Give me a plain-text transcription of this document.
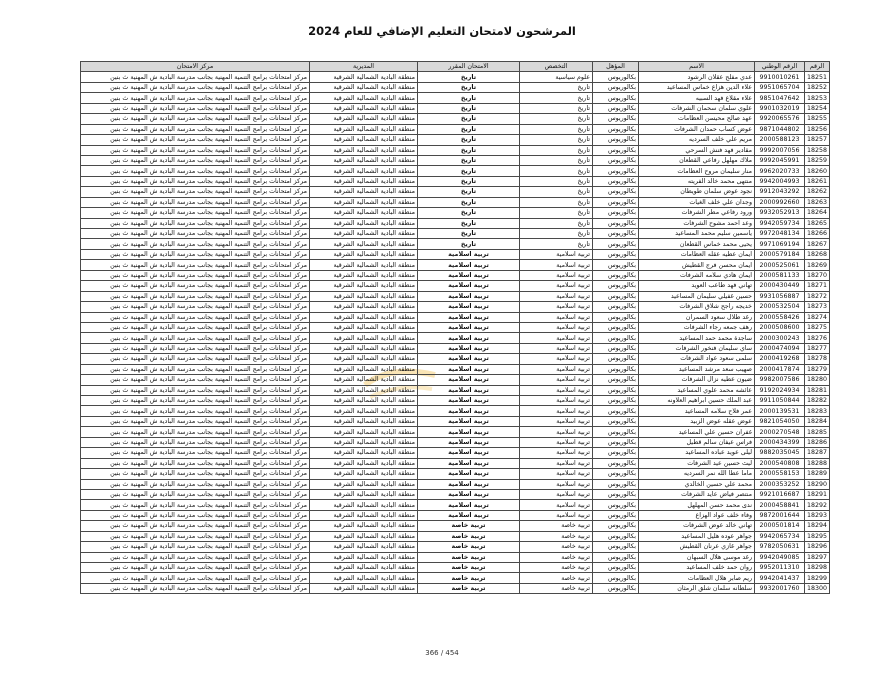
المرشحون لامتحان التعليم الإضافي للعام 2024
الرقم	الرقم الوطني	الاسم	المؤهل	التخصص	الامتحان المقرر	المديرية	مركز الامتحان
18251	9910010261	عدي مفلح عقلان الرشود	بكالوريوس	علوم سياسية	تاريخ	منطقة البادية الشمالية الشرقية	مركز امتحانات برامج التنمية المهنية بجانب مدرسة البادية ش المهنية ث بنين
18252	9951065704	علاء الدين هزاع خماس المساعيد	بكالوريوس	تاريخ	تاريخ	منطقة البادية الشمالية الشرقية	مركز امتحانات برامج التنمية المهنية بجانب مدرسة البادية ش المهنية ث بنين
18253	9851047642	علاء مقلاع فهد السبيه	بكالوريوس	تاريخ	تاريخ	منطقة البادية الشمالية الشرقية	مركز امتحانات برامج التنمية المهنية بجانب مدرسة البادية ش المهنية ث بنين
18254	9901032019	علوي سلمان سحمان الشرفات	بكالوريوس	تاريخ	تاريخ	منطقة البادية الشمالية الشرقية	مركز امتحانات برامج التنمية المهنية بجانب مدرسة البادية ش المهنية ث بنين
18255	9920065576	عهد صالح محيسن العظامات	بكالوريوس	تاريخ	تاريخ	منطقة البادية الشمالية الشرقية	مركز امتحانات برامج التنمية المهنية بجانب مدرسة البادية ش المهنية ث بنين
18256	9871044802	عوض كساب حمدان الشرفات	بكالوريوس	تاريخ	تاريخ	منطقة البادية الشمالية الشرقية	مركز امتحانات برامج التنمية المهنية بجانب مدرسة البادية ش المهنية ث بنين
18257	2000588123	مريم علي خلف السرديه	بكالوريوس	تاريخ	تاريخ	منطقة البادية الشمالية الشرقية	مركز امتحانات برامج التنمية المهنية بجانب مدرسة البادية ش المهنية ث بنين
18258	9992007056	مقادير فهد فنش السرحي	بكالوريوس	تاريخ	تاريخ	منطقة البادية الشمالية الشرقية	مركز امتحانات برامج التنمية المهنية بجانب مدرسة البادية ش المهنية ث بنين
18259	9992045991	ملاك مهلهل رفاعي القطعان	بكالوريوس	تاريخ	تاريخ	منطقة البادية الشمالية الشرقية	مركز امتحانات برامج التنمية المهنية بجانب مدرسة البادية ش المهنية ث بنين
18260	9962020733	منار سليمان مروح العظامات	بكالوريوس	تاريخ	تاريخ	منطقة البادية الشمالية الشرقية	مركز امتحانات برامج التنمية المهنية بجانب مدرسة البادية ش المهنية ث بنين
18261	9942004993	منتهى محمد خالد الفريته	بكالوريوس	تاريخ	تاريخ	منطقة البادية الشمالية الشرقية	مركز امتحانات برامج التنمية المهنية بجانب مدرسة البادية ش المهنية ث بنين
18262	9912043292	نجود عوض سلمان طويطان	بكالوريوس	تاريخ	تاريخ	منطقة البادية الشمالية الشرقية	مركز امتحانات برامج التنمية المهنية بجانب مدرسة البادية ش المهنية ث بنين
18263	2000992660	وجدان علي خلف الغيات	بكالوريوس	تاريخ	تاريخ	منطقة البادية الشمالية الشرقية	مركز امتحانات برامج التنمية المهنية بجانب مدرسة البادية ش المهنية ث بنين
18264	9932052913	ورود رفاعي مطر الشرفات	بكالوريوس	تاريخ	تاريخ	منطقة البادية الشمالية الشرقية	مركز امتحانات برامج التنمية المهنية بجانب مدرسة البادية ش المهنية ث بنين
18265	9942059734	وعد احمد مشوح الشرفات	بكالوريوس	تاريخ	تاريخ	منطقة البادية الشمالية الشرقية	مركز امتحانات برامج التنمية المهنية بجانب مدرسة البادية ش المهنية ث بنين
18266	9972048134	ياسمين سليم محمد المساعيد	بكالوريوس	تاريخ	تاريخ	منطقة البادية الشمالية الشرقية	مركز امتحانات برامج التنمية المهنية بجانب مدرسة البادية ش المهنية ث بنين
18267	9971069194	يحيى محمد خماس القطعان	بكالوريوس	تاريخ	تاريخ	منطقة البادية الشمالية الشرقية	مركز امتحانات برامج التنمية المهنية بجانب مدرسة البادية ش المهنية ث بنين
18268	2000579184	ايمان عطيه عقله العظامات	بكالوريوس	تربية اسلامية	تربية اسلامية	منطقة البادية الشمالية الشرقية	مركز امتحانات برامج التنمية المهنية بجانب مدرسة البادية ش المهنية ث بنين
18269	2000525061	ايمان محسن فرج القطيش	بكالوريوس	تربية اسلامية	تربية اسلامية	منطقة البادية الشمالية الشرقية	مركز امتحانات برامج التنمية المهنية بجانب مدرسة البادية ش المهنية ث بنين
18270	2000581133	ايمان هادي سلامه الشرفات	بكالوريوس	تربية اسلامية	تربية اسلامية	منطقة البادية الشمالية الشرقية	مركز امتحانات برامج التنمية المهنية بجانب مدرسة البادية ش المهنية ث بنين
18271	2000430449	تهاني فهد طاعب العويد	بكالوريوس	تربية اسلامية	تربية اسلامية	منطقة البادية الشمالية الشرقية	مركز امتحانات برامج التنمية المهنية بجانب مدرسة البادية ش المهنية ث بنين
18272	9931056887	حسين غفيلي سليمان المساعيد	بكالوريوس	تربية اسلامية	تربية اسلامية	منطقة البادية الشمالية الشرقية	مركز امتحانات برامج التنمية المهنية بجانب مدرسة البادية ش المهنية ث بنين
18273	2000532504	خديجه راجح شلاق الشرفات	بكالوريوس	تربية اسلامية	تربية اسلامية	منطقة البادية الشمالية الشرقية	مركز امتحانات برامج التنمية المهنية بجانب مدرسة البادية ش المهنية ث بنين
18274	2000558426	رغد طلال سعود السمران	بكالوريوس	تربية اسلامية	تربية اسلامية	منطقة البادية الشمالية الشرقية	مركز امتحانات برامج التنمية المهنية بجانب مدرسة البادية ش المهنية ث بنين
18275	2000508600	رهف جمعه رجاء الشرفات	بكالوريوس	تربية اسلامية	تربية اسلامية	منطقة البادية الشمالية الشرقية	مركز امتحانات برامج التنمية المهنية بجانب مدرسة البادية ش المهنية ث بنين
18276	2000300243	ساجدة محمد حمد المساعيد	بكالوريوس	تربية اسلامية	تربية اسلامية	منطقة البادية الشمالية الشرقية	مركز امتحانات برامج التنمية المهنية بجانب مدرسة البادية ش المهنية ث بنين
18277	2000474094	ساي سليمان فنخور الشرفات	بكالوريوس	تربية اسلامية	تربية اسلامية	منطقة البادية الشمالية الشرقية	مركز امتحانات برامج التنمية المهنية بجانب مدرسة البادية ش المهنية ث بنين
18278	2000419268	سلمى سعود عواد الشرفات	بكالوريوس	تربية اسلامية	تربية اسلامية	منطقة البادية الشمالية الشرقية	مركز امتحانات برامج التنمية المهنية بجانب مدرسة البادية ش المهنية ث بنين
18279	2000417874	صهيب سعد مرشد المساعيد	بكالوريوس	تربية اسلامية	تربية اسلامية	منطقة البادية الشمالية الشرقية	مركز امتحانات برامج التنمية المهنية بجانب مدرسة البادية ش المهنية ث بنين
18280	9982007586	ضيون عطيه نزال الشرفات	بكالوريوس	تربية اسلامية	تربية اسلامية	منطقة البادية الشمالية الشرقية	مركز امتحانات برامج التنمية المهنية بجانب مدرسة البادية ش المهنية ث بنين
18281	9192024934	عائشه محمد علوي المساعيد	بكالوريوس	تربية اسلامية	تربية اسلامية	منطقة البادية الشمالية الشرقية	مركز امتحانات برامج التنمية المهنية بجانب مدرسة البادية ش المهنية ث بنين
18282	9911050844	عبد الملك حسين ابراهيم العلاونه	بكالوريوس	تربية اسلامية	تربية اسلامية	منطقة البادية الشمالية الشرقية	مركز امتحانات برامج التنمية المهنية بجانب مدرسة البادية ش المهنية ث بنين
18283	2000139531	عمر فلاح سلامه المساعيد	بكالوريوس	تربية اسلامية	تربية اسلامية	منطقة البادية الشمالية الشرقية	مركز امتحانات برامج التنمية المهنية بجانب مدرسة البادية ش المهنية ث بنين
18284	9821054050	عوض عقله عوض الزبيد	بكالوريوس	تربية اسلامية	تربية اسلامية	منطقة البادية الشمالية الشرقية	مركز امتحانات برامج التنمية المهنية بجانب مدرسة البادية ش المهنية ث بنين
18285	2000270548	غفران حسين علي المساعيد	بكالوريوس	تربية اسلامية	تربية اسلامية	منطقة البادية الشمالية الشرقية	مركز امتحانات برامج التنمية المهنية بجانب مدرسة البادية ش المهنية ث بنين
18286	2000434399	فراس عيفان سالم قطيل	بكالوريوس	تربية اسلامية	تربية اسلامية	منطقة البادية الشمالية الشرقية	مركز امتحانات برامج التنمية المهنية بجانب مدرسة البادية ش المهنية ث بنين
18287	9882035045	ليلى عويد عباده المساعيد	بكالوريوس	تربية اسلامية	تربية اسلامية	منطقة البادية الشمالية الشرقية	مركز امتحانات برامج التنمية المهنية بجانب مدرسة البادية ش المهنية ث بنين
18288	2000540808	ليث حسين عيد الشرفات	بكالوريوس	تربية اسلامية	تربية اسلامية	منطقة البادية الشمالية الشرقية	مركز امتحانات برامج التنمية المهنية بجانب مدرسة البادية ش المهنية ث بنين
18289	2000558153	ماما عطا الله نمر السرديه	بكالوريوس	تربية اسلامية	تربية اسلامية	منطقة البادية الشمالية الشرقية	مركز امتحانات برامج التنمية المهنية بجانب مدرسة البادية ش المهنية ث بنين
18290	2000353252	محمد علي حسين الخالدي	بكالوريوس	تربية اسلامية	تربية اسلامية	منطقة البادية الشمالية الشرقية	مركز امتحانات برامج التنمية المهنية بجانب مدرسة البادية ش المهنية ث بنين
18291	9921016687	منتصر فياض عايد الشرفات	بكالوريوس	تربية اسلامية	تربية اسلامية	منطقة البادية الشمالية الشرقية	مركز امتحانات برامج التنمية المهنية بجانب مدرسة البادية ش المهنية ث بنين
18292	2000458841	ندى محمد حسن المهلهل	بكالوريوس	تربية اسلامية	تربية اسلامية	منطقة البادية الشمالية الشرقية	مركز امتحانات برامج التنمية المهنية بجانب مدرسة البادية ش المهنية ث بنين
18293	9872001644	وفاء خلف عواد الهزاع	بكالوريوس	تربية اسلامية	تربية اسلامية	منطقة البادية الشمالية الشرقية	مركز امتحانات برامج التنمية المهنية بجانب مدرسة البادية ش المهنية ث بنين
18294	2000501814	تهاني خالد عوض الشرفات	بكالوريوس	تربية خاصة	تربية خاصة	منطقة البادية الشمالية الشرقية	مركز امتحانات برامج التنمية المهنية بجانب مدرسة البادية ش المهنية ث بنين
18295	9942065734	جواهر عوده هليل المساعيد	بكالوريوس	تربية خاصة	تربية خاصة	منطقة البادية الشمالية الشرقية	مركز امتحانات برامج التنمية المهنية بجانب مدرسة البادية ش المهنية ث بنين
18296	9782050631	جواهر غازي عرنان القطيش	بكالوريوس	تربية خاصة	تربية خاصة	منطقة البادية الشمالية الشرقية	مركز امتحانات برامج التنمية المهنية بجانب مدرسة البادية ش المهنية ث بنين
18297	9942049085	رغد موسى هلال السبهان	بكالوريوس	تربية خاصة	تربية خاصة	منطقة البادية الشمالية الشرقية	مركز امتحانات برامج التنمية المهنية بجانب مدرسة البادية ش المهنية ث بنين
18298	9952011310	روان حمد خلف المساعيد	بكالوريوس	تربية خاصة	تربية خاصة	منطقة البادية الشمالية الشرقية	مركز امتحانات برامج التنمية المهنية بجانب مدرسة البادية ش المهنية ث بنين
18299	9942041437	ريم صابر هلال العظامات	بكالوريوس	تربية خاصة	تربية خاصة	منطقة البادية الشمالية الشرقية	مركز امتحانات برامج التنمية المهنية بجانب مدرسة البادية ش المهنية ث بنين
18300	9932001760	سلطانه سلمان شلق الرمثان	بكالوريوس	تربية خاصة	تربية خاصة	منطقة البادية الشمالية الشرقية	مركز امتحانات برامج التنمية المهنية بجانب مدرسة البادية ش المهنية ث بنين
366 / 454
